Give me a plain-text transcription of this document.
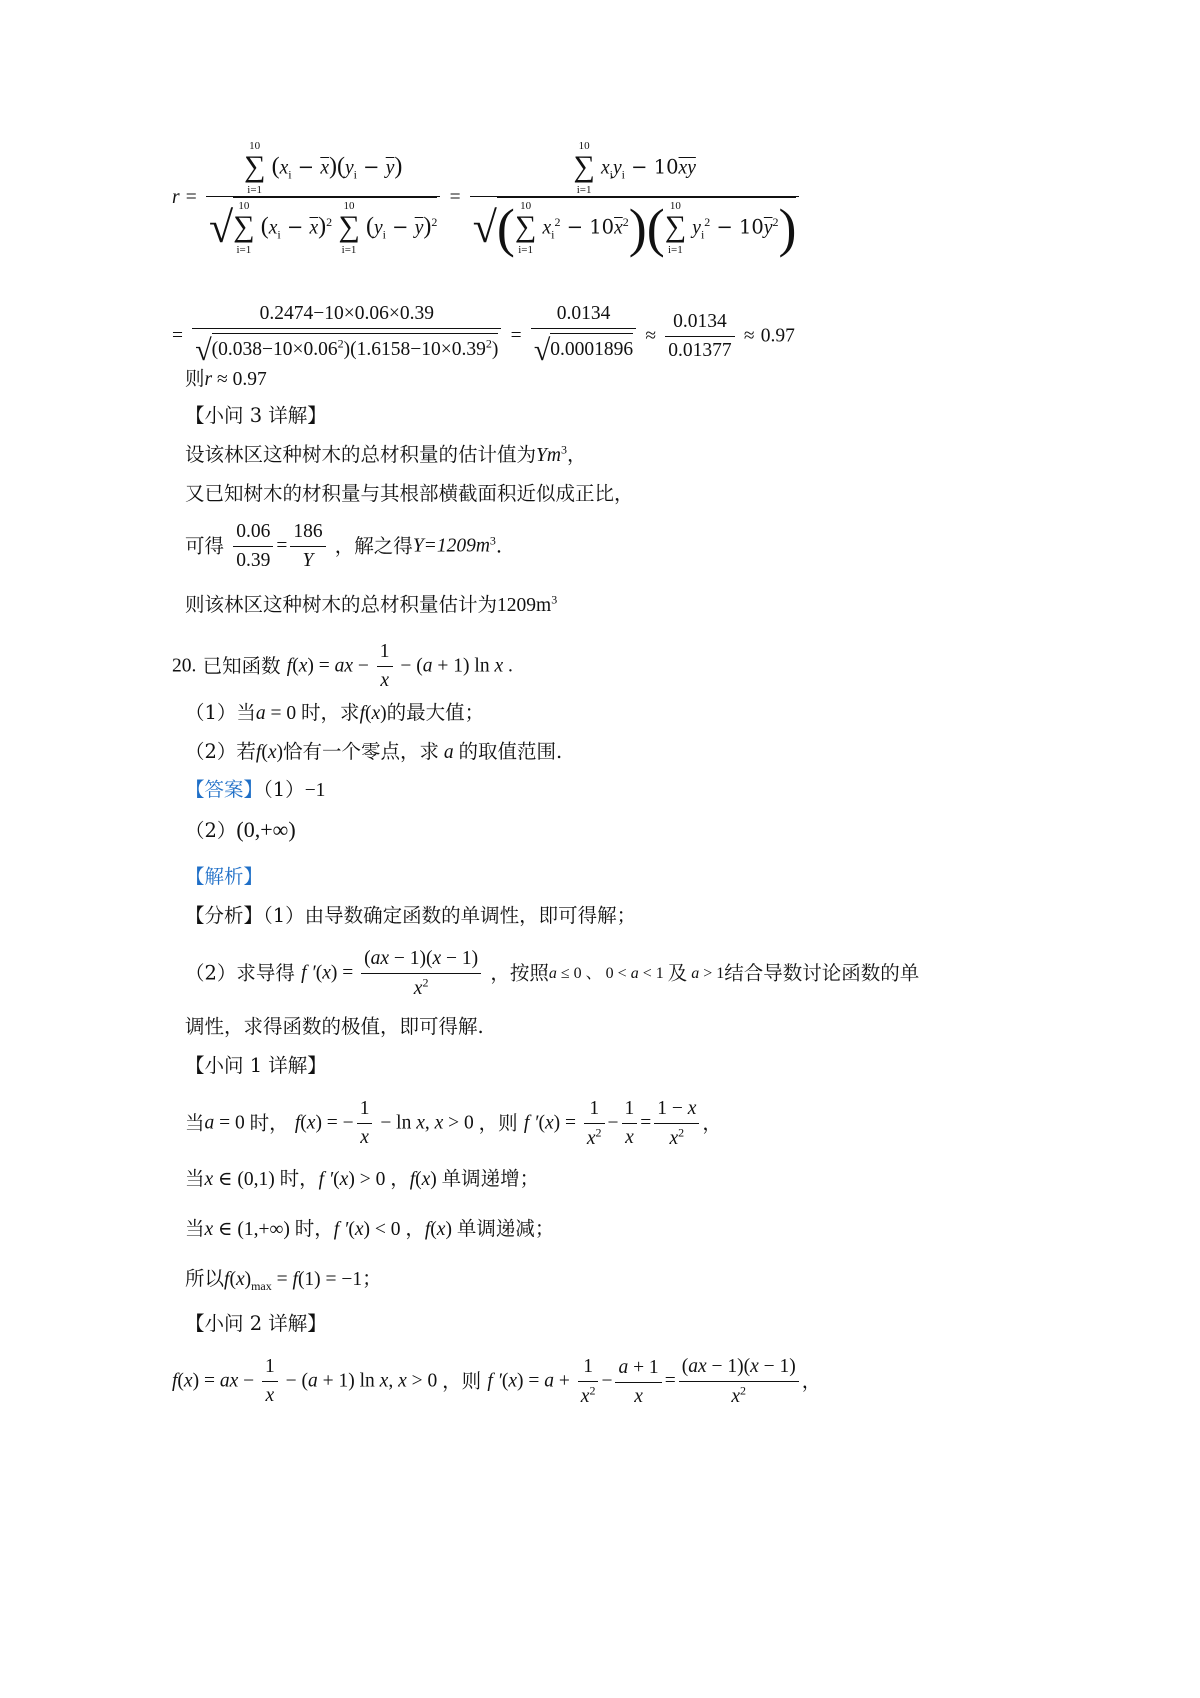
r =
10
∑
i=1
$(x_i - \overline{x})(y_i - \overline{y})$
√ 10
∑
i=1
$(x_i - \overline{x})^2$
10
∑
i=1
$(y_i - \overline{y})^2$
=
10
∑
i=1
$x_iy_i - 10\overline{xy}$
√( 10
∑
i=1
$x_i^2 - 10\overline{x}^2$)( 10
∑
i=1
$y_i^2 - 10\overline{y}^2$)
= $\frac{0.2474-10\times 0.06\times 0.39}{√(0.038-10\times 0.06^2)(1.6158-10\times 0.39^2)} = \frac{0.0134}{√0.0001896} \approx \frac{0.0134}{0.01377} \approx 0.97$
则r ≈ 0.97
【小问 3 详解】
设该林区这种树木的总材积量的估计值为Ym$^3$，
又已知树木的材积量与其根部横截面积近似成正比，
可得 $\frac{0.06}{0.39} = \frac{186}{Y}$ ，解之得$Y=1209m^3$.
则该林区这种树木的总材积量估计为$1209m^3$
20. 已知函数 f(x) = ax − $\frac{1}{x} - (a + 1)$ ln x .
（1）当a = 0 时，求f(x)的最大值；
（2）若f(x)恰有一个零点，求 a 的取值范围.
【答案】（1）−1
（2）(0,+∞)
【解析】
【分析】（1）由导数确定函数的单调性，即可得解；
（2）求导得 f $'(x) = \frac{(ax - 1)(x - 1)}{x^2}$ ，按照a ≤ 0 、 0 < a < 1 及 a > 1结合导数讨论函数的单
调性，求得函数的极值，即可得解.
【小问 1 详解】
当a = 0 时， f(x) = − $\frac{1}{x} - \ln x$, x > 0 ，则 f $'(x) = \frac{1}{x^2} - \frac{1}{x} = \frac{1 - x}{x^2}$ ，
当x ∈ (0,1) 时，f ′(x) > 0 ，f(x) 单调递增；
当x ∈ (1,+∞) 时，f ′(x) < 0 ，f(x) 单调递减；
所以$f(x)_{max} = f(1) = -1$；
【小问 2 详解】
f(x) = ax − $\frac{1}{x} - (a + 1)$ ln x, x > 0 ，则 f $'(x) = a + \frac{1}{x^2} - \frac{a + 1}{x} = \frac{(ax - 1)(x - 1)}{x^2}$ ，
